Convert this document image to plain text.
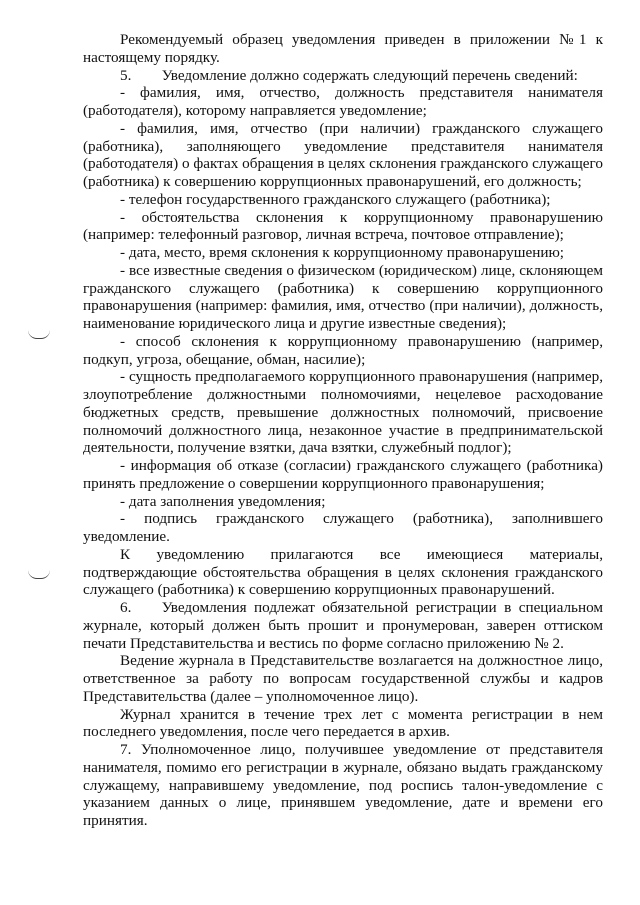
Рекомендуемый образец уведомления приведен в приложении №1 к настоящему порядку.

5.  Уведомление должно содержать следующий перечень сведений:

- фамилия, имя, отчество, должность представителя нанимателя (работодателя), которому направляется уведомление;

- фамилия, имя, отчество (при наличии) гражданского служащего (работника), заполняющего уведомление представителя нанимателя (работодателя) о фактах обращения в целях склонения гражданского служащего (работника) к совершению коррупционных правонарушений, его должность;

- телефон государственного гражданского служащего (работника);

- обстоятельства склонения к коррупционному правонарушению (например: телефонный разговор, личная встреча, почтовое отправление);

- дата, место, время склонения к коррупционному правонарушению;

- все известные сведения о физическом (юридическом) лице, склоняющем гражданского служащего (работника) к совершению коррупционного правонарушения (например: фамилия, имя, отчество (при наличии), должность, наименование юридического лица и другие известные сведения);

- способ склонения к коррупционному правонарушению (например, подкуп, угроза, обещание, обман, насилие);

- сущность предполагаемого коррупционного правонарушения (например, злоупотребление должностными полномочиями, нецелевое расходование бюджетных средств, превышение должностных полномочий, присвоение полномочий должностного лица, незаконное участие в предпринимательской деятельности, получение взятки, дача взятки, служебный подлог);

- информация об отказе (согласии) гражданского служащего (работника) принять предложение о совершении коррупционного правонарушения;

- дата заполнения уведомления;

- подпись гражданского служащего (работника), заполнившего уведомление.

К уведомлению прилагаются все имеющиеся материалы, подтверждающие обстоятельства обращения в целях склонения гражданского служащего (работника) к совершению коррупционных правонарушений.

6.  Уведомления подлежат обязательной регистрации в специальном журнале, который должен быть прошит и пронумерован, заверен оттиском печати Представительства и вестись по форме согласно приложению № 2.

Ведение журнала в Представительстве возлагается на должностное лицо, ответственное за работу по вопросам государственной службы и кадров Представительства (далее – уполномоченное лицо).

Журнал хранится в течение трех лет с момента регистрации в нем последнего уведомления, после чего передается в архив.

7. Уполномоченное лицо, получившее уведомление от представителя нанимателя, помимо его регистрации в журнале, обязано выдать гражданскому служащему, направившему уведомление, под роспись талон-уведомление с указанием данных о лице, принявшем уведомление, дате и времени его принятия.
